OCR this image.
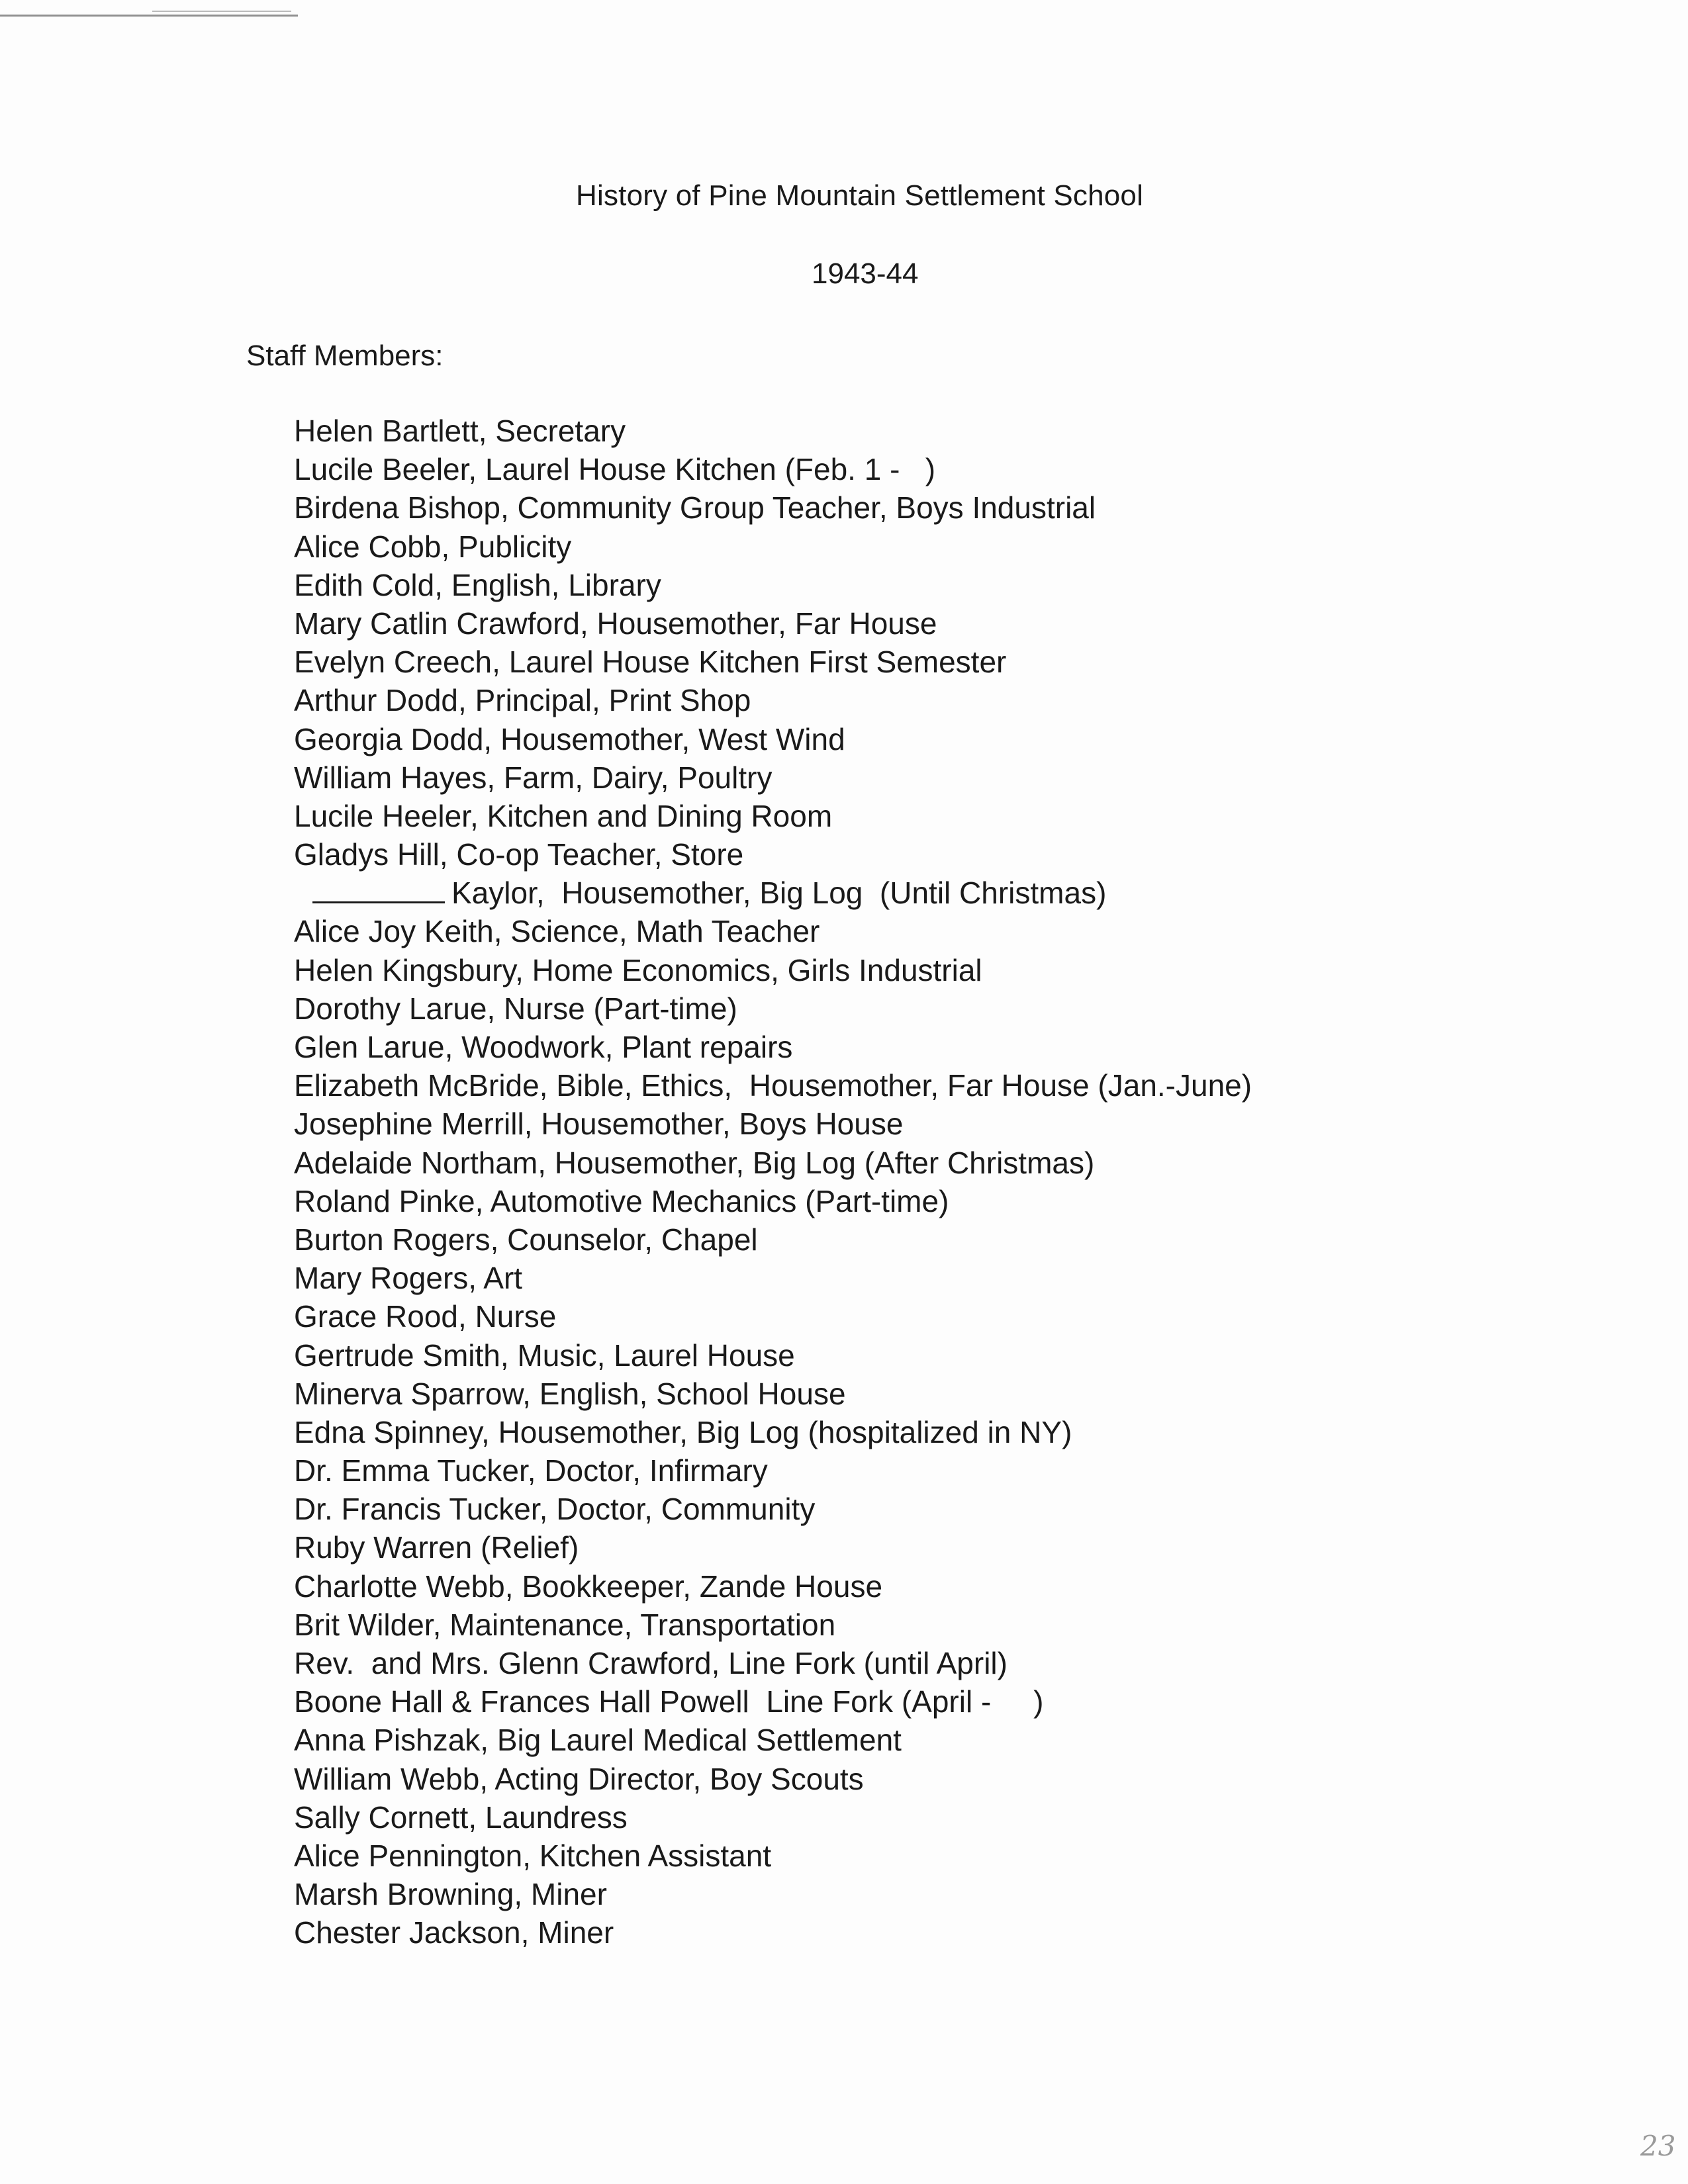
History of Pine Mountain Settlement School
1943-44
Staff Members:
Helen Bartlett, Secretary
Lucile Beeler, Laurel House Kitchen (Feb. 1 -   )
Birdena Bishop, Community Group Teacher, Boys Industrial
Alice Cobb, Publicity
Edith Cold, English, Library
Mary Catlin Crawford, Housemother, Far House
Evelyn Creech, Laurel House Kitchen First Semester
Arthur Dodd, Principal, Print Shop
Georgia Dodd, Housemother, West Wind
William Hayes, Farm, Dairy, Poultry
Lucile Heeler, Kitchen and Dining Room
Gladys Hill, Co-op Teacher, Store
Kaylor,  Housemother, Big Log  (Until Christmas)
Alice Joy Keith, Science, Math Teacher
Helen Kingsbury, Home Economics, Girls Industrial
Dorothy Larue, Nurse (Part-time)
Glen Larue, Woodwork, Plant repairs
Elizabeth McBride, Bible, Ethics,  Housemother, Far House (Jan.-June)
Josephine Merrill, Housemother, Boys House
Adelaide Northam, Housemother, Big Log (After Christmas)
Roland Pinke, Automotive Mechanics (Part-time)
Burton Rogers, Counselor, Chapel
Mary Rogers, Art
Grace Rood, Nurse
Gertrude Smith, Music, Laurel House
Minerva Sparrow, English, School House
Edna Spinney, Housemother, Big Log (hospitalized in NY)
Dr. Emma Tucker, Doctor, Infirmary
Dr. Francis Tucker, Doctor, Community
Ruby Warren (Relief)
Charlotte Webb, Bookkeeper, Zande House
Brit Wilder, Maintenance, Transportation
Rev.  and Mrs. Glenn Crawford, Line Fork (until April)
Boone Hall & Frances Hall Powell  Line Fork (April -     )
Anna Pishzak, Big Laurel Medical Settlement
William Webb, Acting Director, Boy Scouts
Sally Cornett, Laundress
Alice Pennington, Kitchen Assistant
Marsh Browning, Miner
Chester Jackson, Miner
23
